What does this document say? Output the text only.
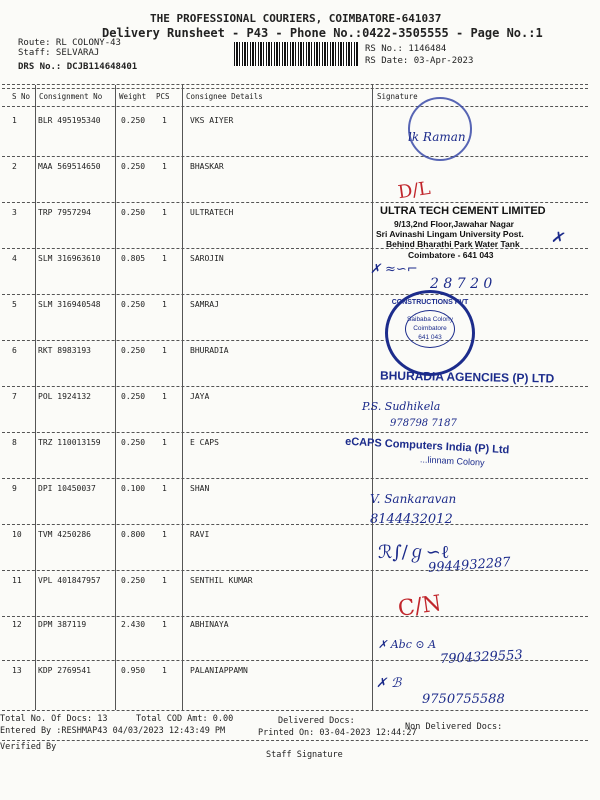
THE PROFESSIONAL COURIERS, COIMBATORE-641037
Delivery Runsheet - P43 - Phone No.:0422-3505555 - Page No.:1
Route: RL COLONY-43
Staff: SELVARAJ
DRS No.: DCJB114648401
RS No.: 1146484
RS Date: 03-Apr-2023
S No Consignment No Weight PCS Consignee Details	Signature
1	BLR 495195340	0.250 1	VKS AIYER
2	MAA 569514650	0.250 1	BHASKAR
3	TRP 7957294	0.250 1	ULTRATECH
4	SLM 316963610	0.805 1	SAROJIN
5	SLM 316940548	0.250 1	SAMRAJ
6	RKT 8983193	0.250 1	BHURADIA
7	POL 1924132	0.250 1	JAYA
8	TRZ 110013159	0.250 1	E CAPS
9	DPI 10450037	0.100 1	SHAN
10 TVM 4250286	0.800 1	RAVI
11 VPL 401847957	0.250 1	SENTHIL KUMAR
12 DPM 387119	2.430 1	ABHINAYA
13 KDP 2769541	0.950 1	PALANIAPPAMN
ULTRA TECH CEMENT LIMITED
9/13,2nd Floor,Jawahar Nagar
Sri Avinashi Lingam University Post.
Behind Bharathi Park Water Tank
Coimbatore - 641 043
CONSTRUCTIONS PVT
Saibaba Colony
Coimbatore
641 043
BHURADIA AGENCIES (P) LTD
eCAPS Computers India (P) Ltd
...linnam Colony
lk Raman
D/L
✗
✗ ≈∽⌐
2 8 7 2 0
P.S. Sudhikela
978798 7187
V. Sankaravan
8144432012
ℛ∫∕ℊ∽ℓ
9944932287
C/N
✗ Abc ⊙ A
7904329553
✗ ℬ
9750755588
Total No. Of Docs: 13	Total COD Amt: 0.00	Delivered Docs:
Non Delivered Docs:
Entered By :RESHMAP43 04/03/2023 12:43:49 PM	Printed On: 03-04-2023 12:44:27
Verified By
Staff Signature
